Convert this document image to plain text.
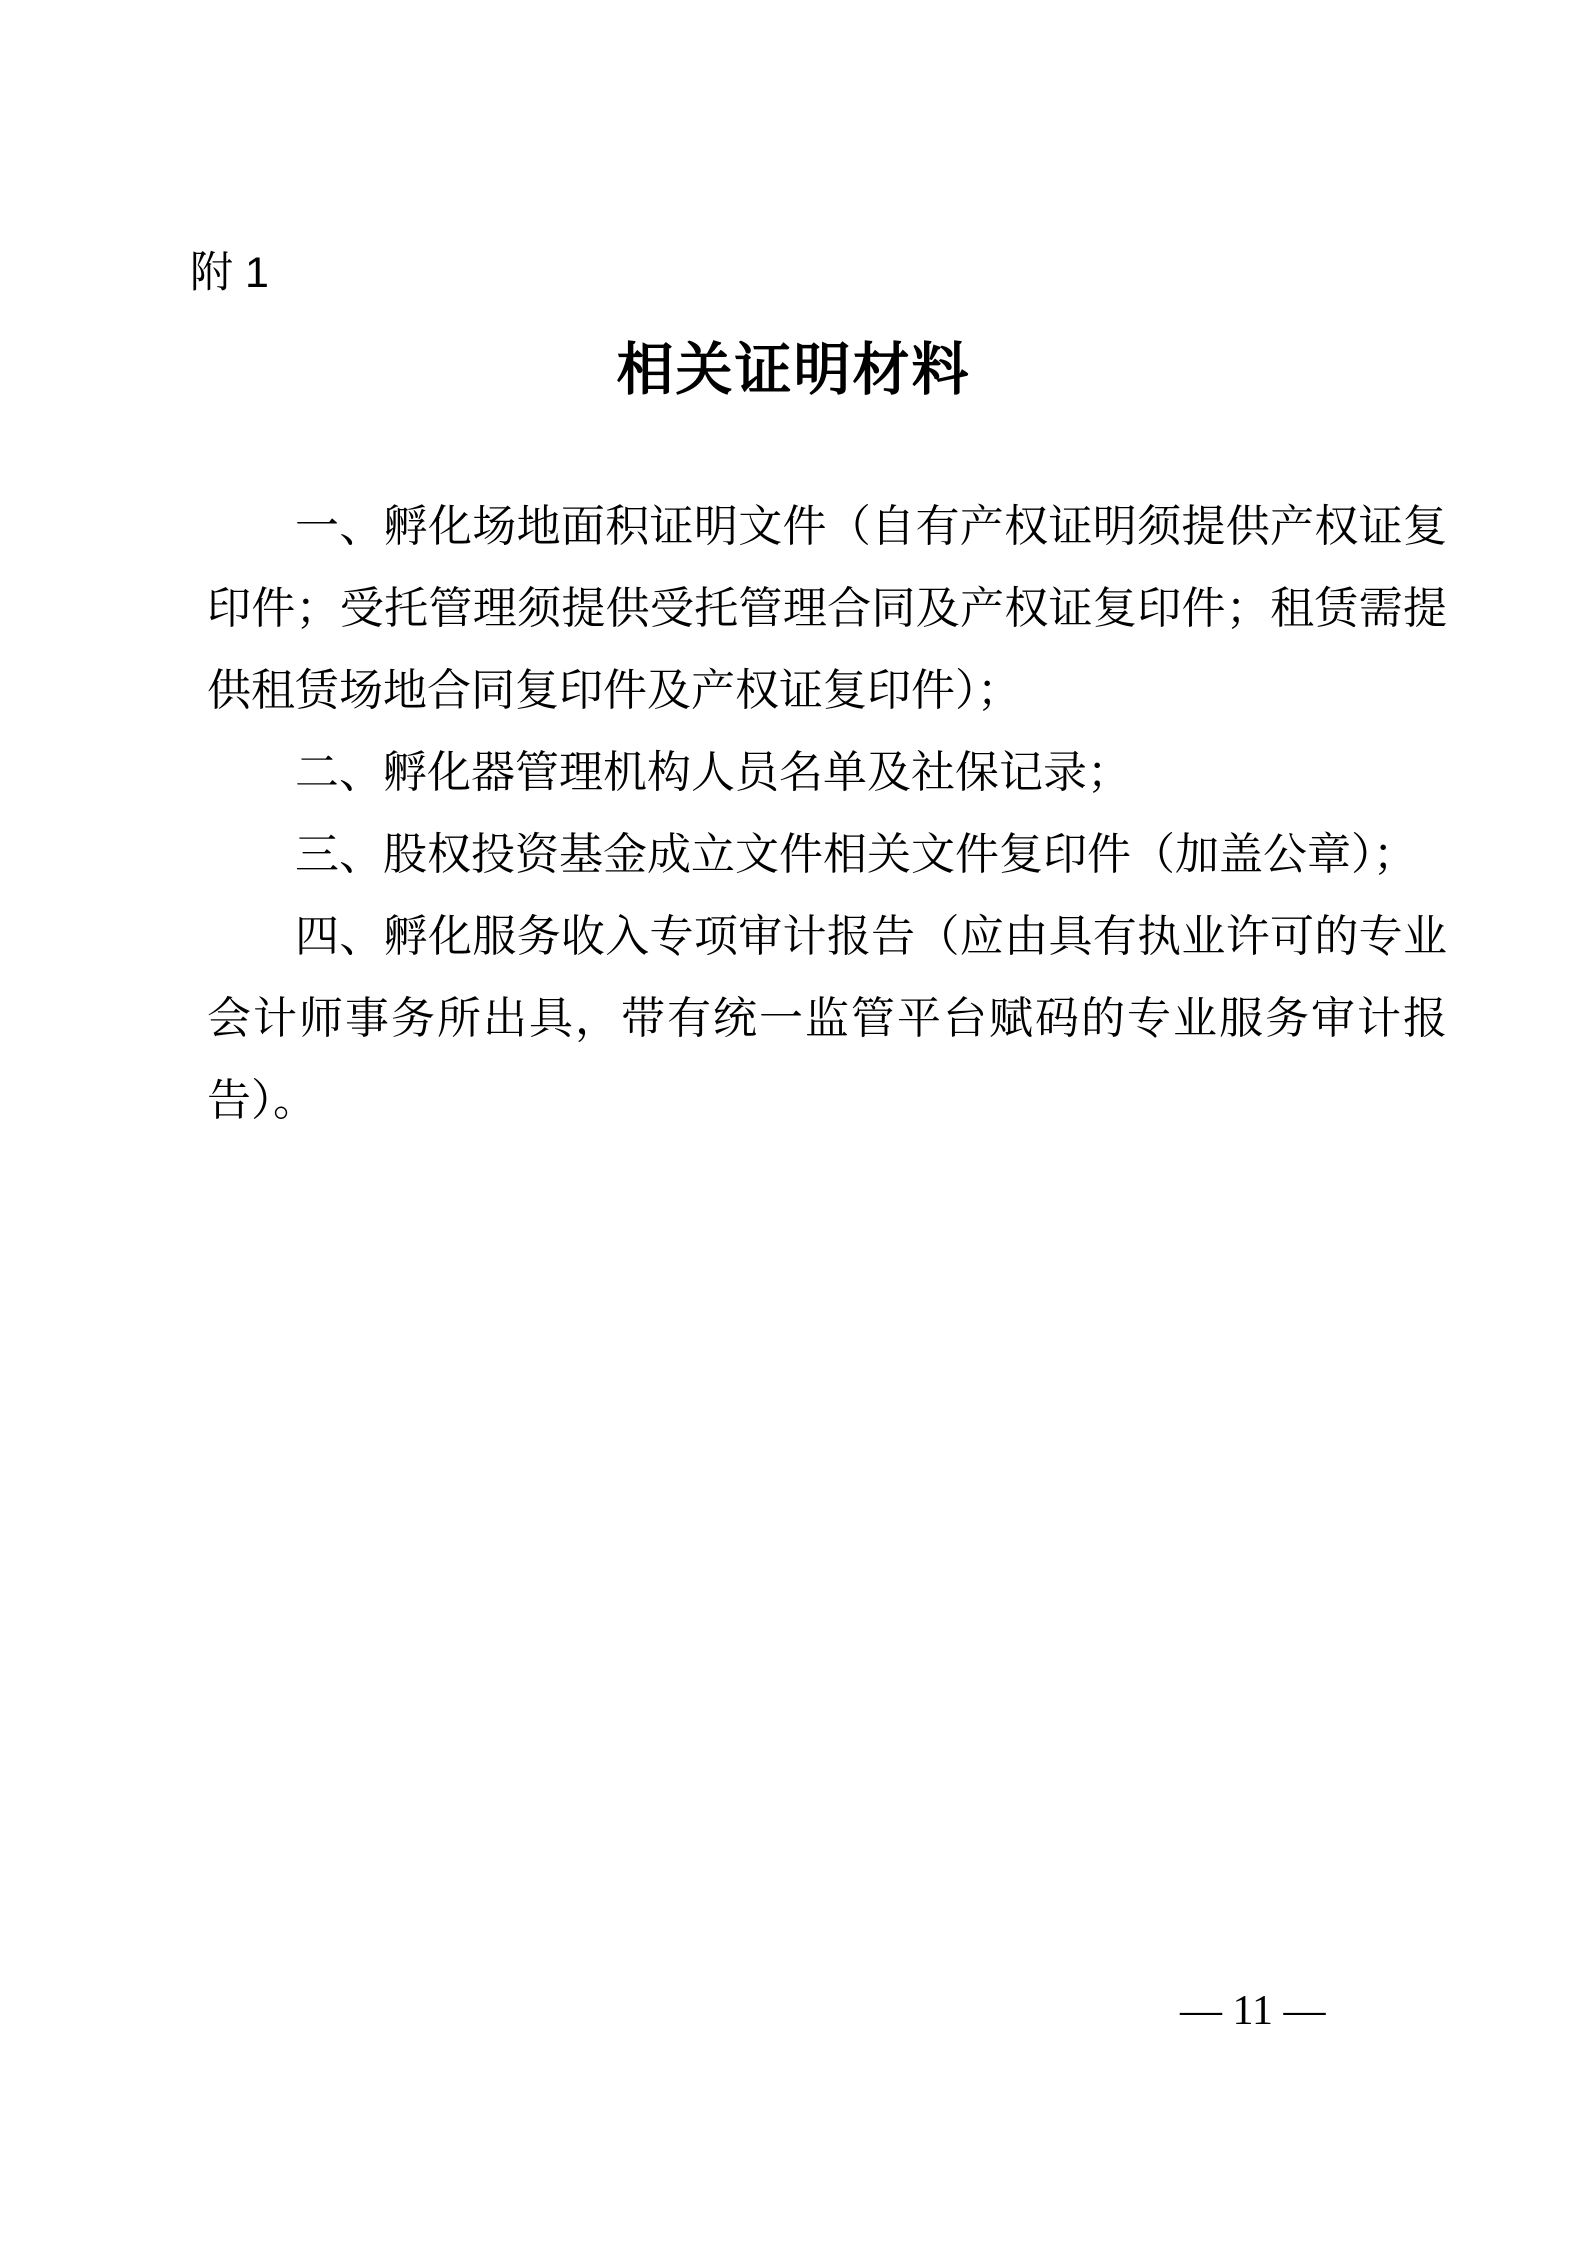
附 1
相关证明材料

一、孵化场地面积证明文件（自有产权证明须提供产权证复印件；受托管理须提供受托管理合同及产权证复印件；租赁需提供租赁场地合同复印件及产权证复印件）；

二、孵化器管理机构人员名单及社保记录；

三、股权投资基金成立文件相关文件复印件（加盖公章）；

四、孵化服务收入专项审计报告（应由具有执业许可的专业会计师事务所出具，带有统一监管平台赋码的专业服务审计报告）。

— 11 —
